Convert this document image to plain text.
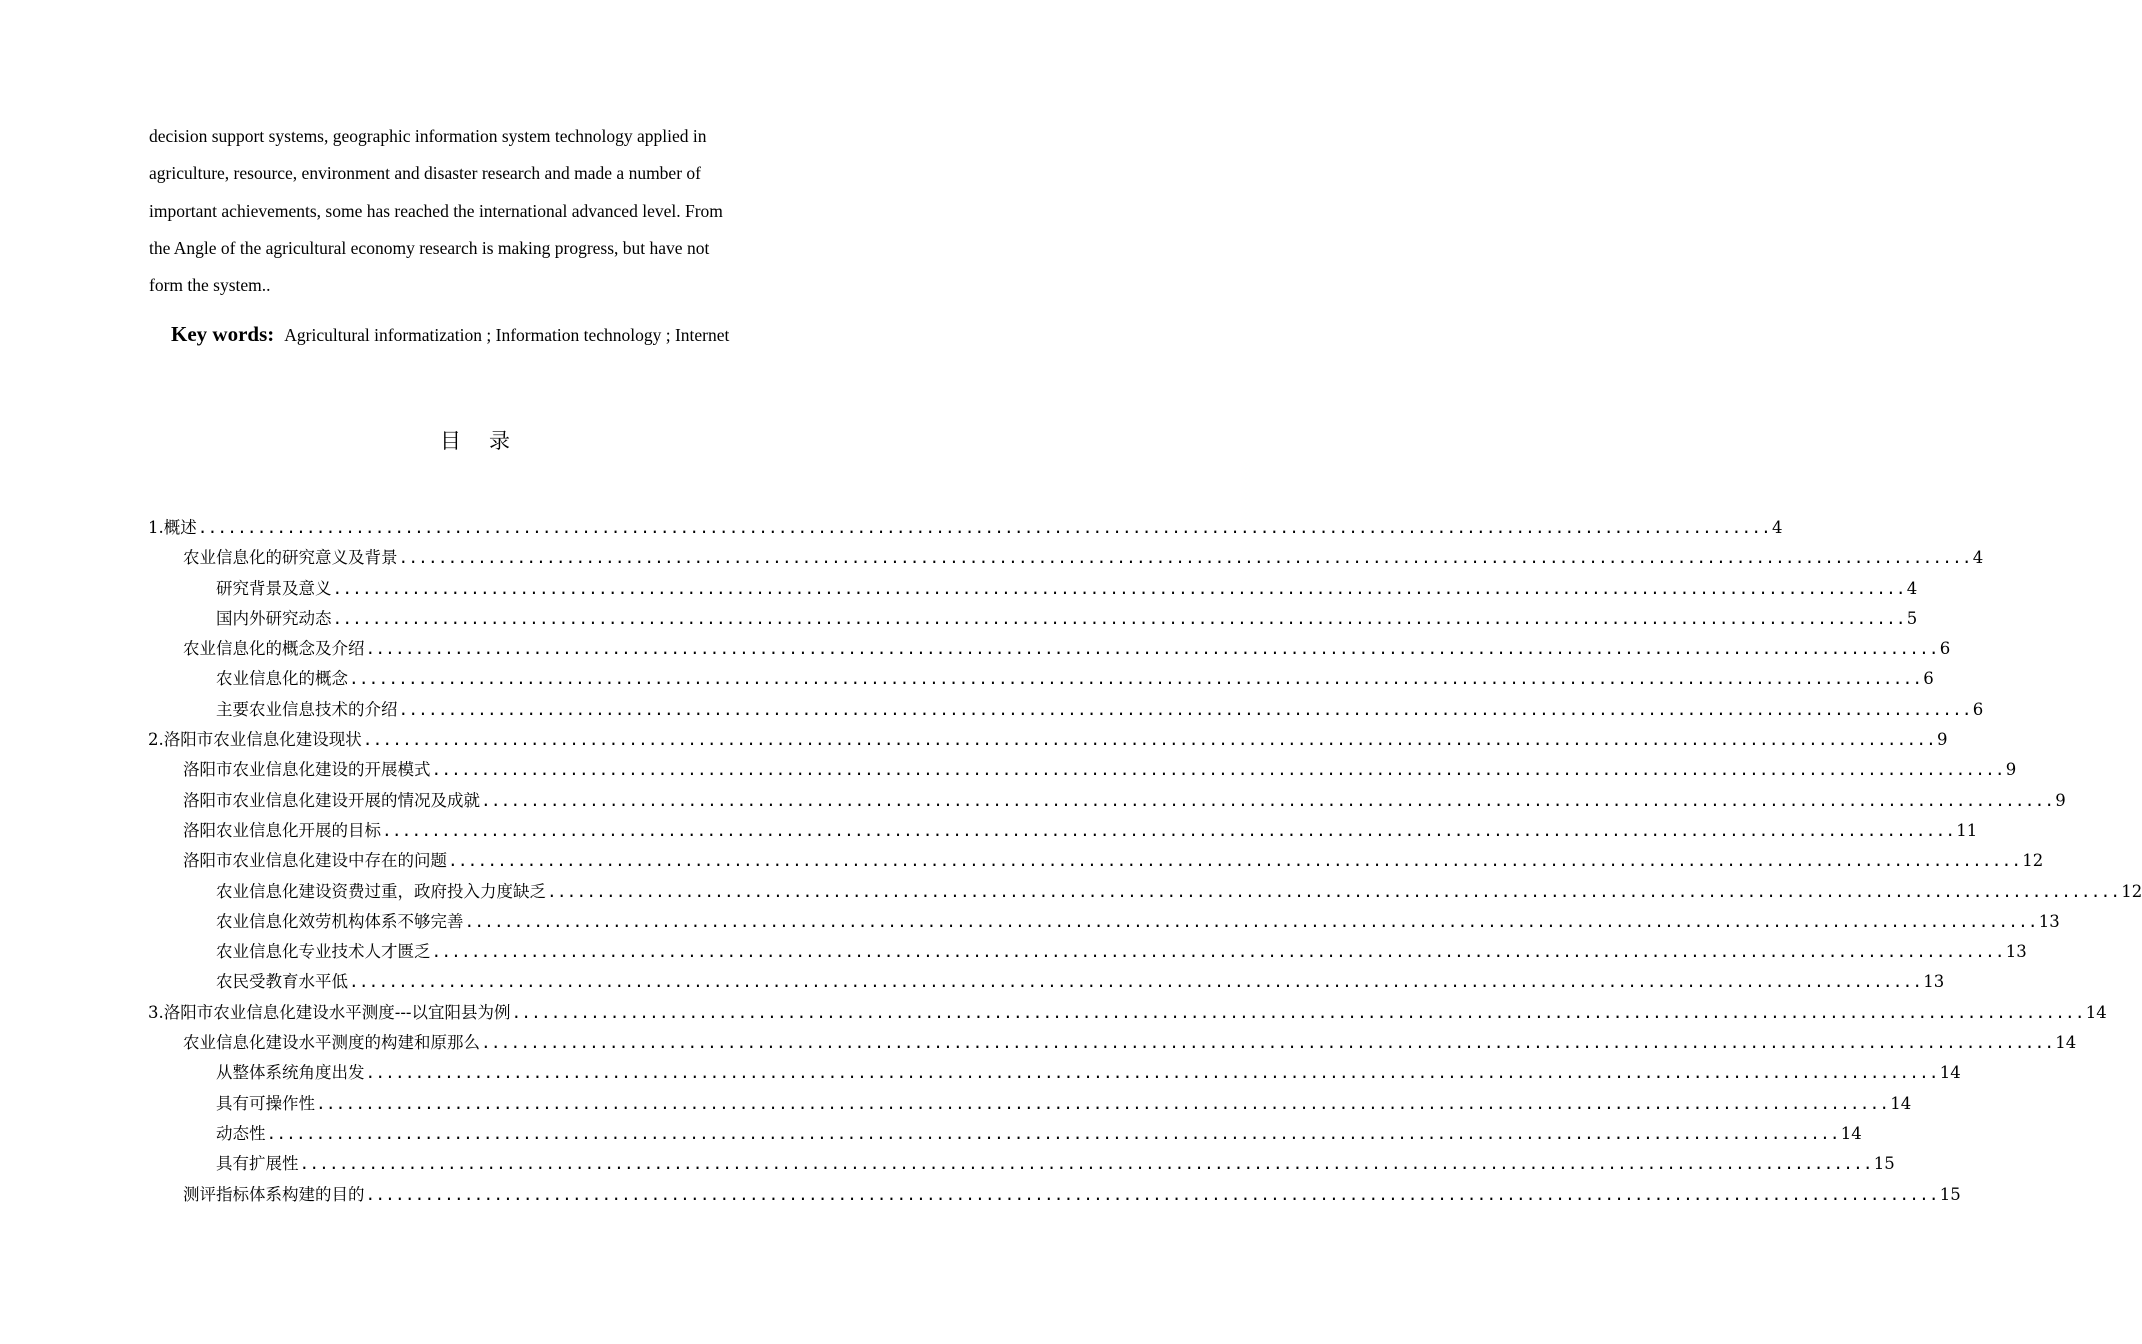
decision support systems, geographic information system technology applied in
agriculture, resource, environment and disaster research and made a number of
important achievements, some has reached the international advanced level. From
the Angle of the agricultural economy research is making progress, but have not
form the system..
Key words: Agricultural informatization ; Information technology ; Internet
目 录
1.概述 ................................................................................................................................................................ 4
农业信息化的研究意义及背景 ................................................................................................................................................................ 4
研究背景及意义 ................................................................................................................................................................ 4
国内外研究动态 ................................................................................................................................................................ 5
农业信息化的概念及介绍 ................................................................................................................................................................ 6
农业信息化的概念 ................................................................................................................................................................ 6
主要农业信息技术的介绍 ................................................................................................................................................................ 6
2.洛阳市农业信息化建设现状 ................................................................................................................................................................ 9
洛阳市农业信息化建设的开展模式 ................................................................................................................................................................ 9
洛阳市农业信息化建设开展的情况及成就 ................................................................................................................................................................ 9
洛阳农业信息化开展的目标 ................................................................................................................................................................ 11
洛阳市农业信息化建设中存在的问题 ................................................................................................................................................................ 12
农业信息化建设资费过重，政府投入力度缺乏 ................................................................................................................................................................ 12
农业信息化效劳机构体系不够完善 ................................................................................................................................................................ 13
农业信息化专业技术人才匮乏 ................................................................................................................................................................ 13
农民受教育水平低 ................................................................................................................................................................ 13
3.洛阳市农业信息化建设水平测度---以宜阳县为例 ................................................................................................................................................................ 14
农业信息化建设水平测度的构建和原那么 ................................................................................................................................................................ 14
从整体系统角度出发 ................................................................................................................................................................ 14
具有可操作性 ................................................................................................................................................................ 14
动态性 ................................................................................................................................................................ 14
具有扩展性 ................................................................................................................................................................ 15
测评指标体系构建的目的 ................................................................................................................................................................ 15
